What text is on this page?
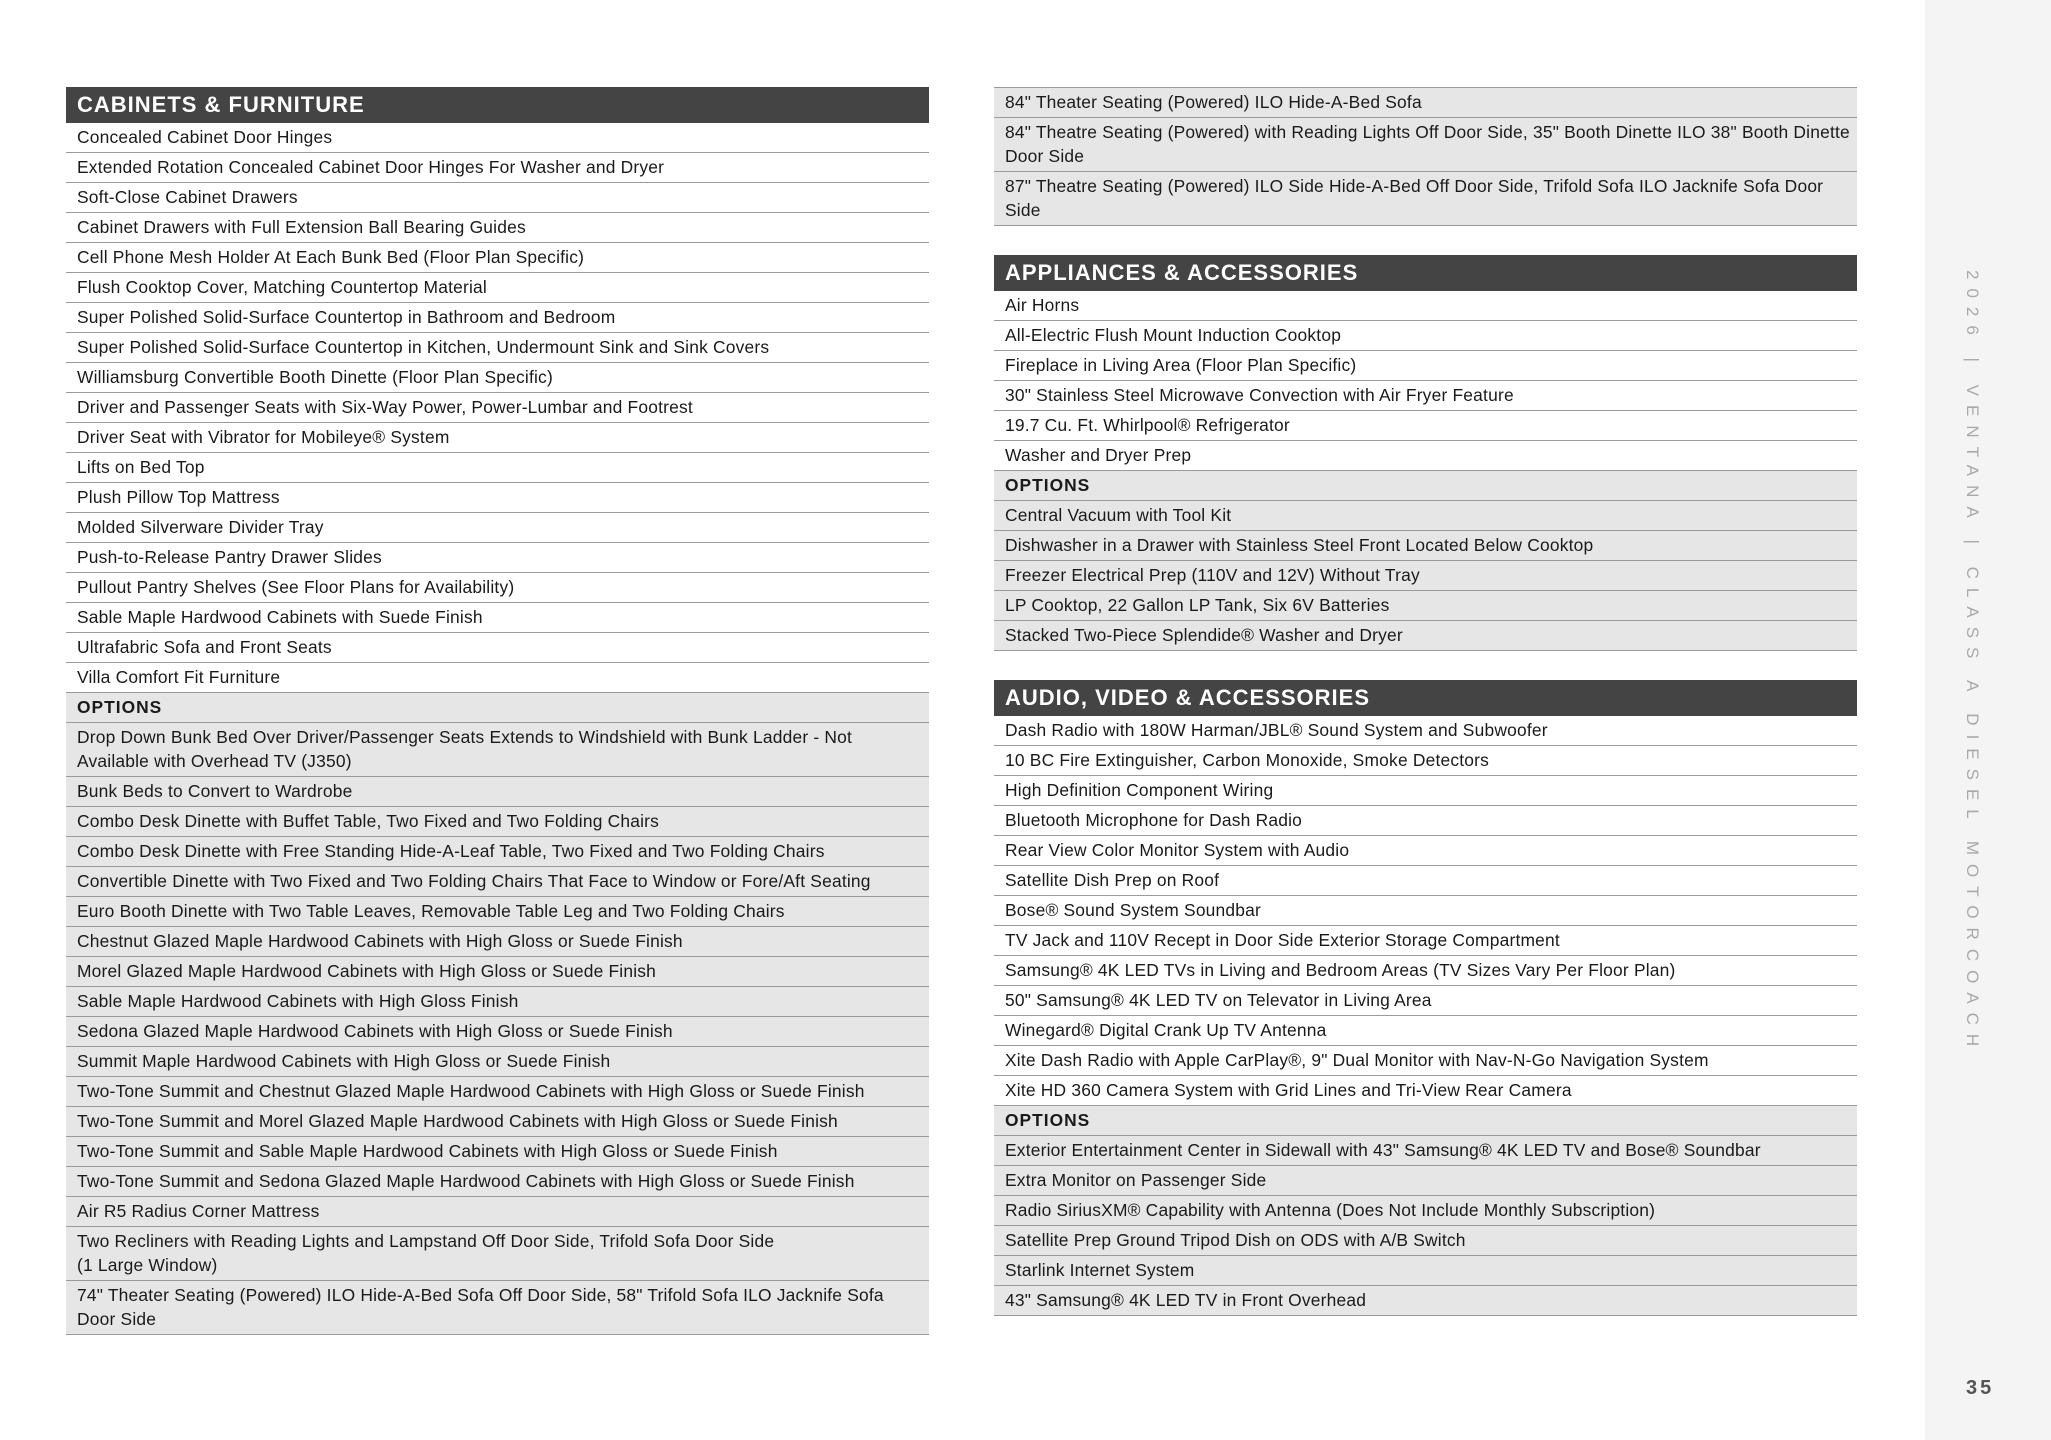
CABINETS & FURNITURE
Concealed Cabinet Door Hinges
Extended Rotation Concealed Cabinet Door Hinges For Washer and Dryer
Soft-Close Cabinet Drawers
Cabinet Drawers with Full Extension Ball Bearing Guides
Cell Phone Mesh Holder At Each Bunk Bed (Floor Plan Specific)
Flush Cooktop Cover, Matching Countertop Material
Super Polished Solid-Surface Countertop in Bathroom and Bedroom
Super Polished Solid-Surface Countertop in Kitchen, Undermount Sink and Sink Covers
Williamsburg Convertible Booth Dinette (Floor Plan Specific)
Driver and Passenger Seats with Six-Way Power, Power-Lumbar and Footrest
Driver Seat with Vibrator for Mobileye® System
Lifts on Bed Top
Plush Pillow Top Mattress
Molded Silverware Divider Tray
Push-to-Release Pantry Drawer Slides
Pullout Pantry Shelves (See Floor Plans for Availability)
Sable Maple Hardwood Cabinets with Suede Finish
Ultrafabric Sofa and Front Seats
Villa Comfort Fit Furniture
OPTIONS
Drop Down Bunk Bed Over Driver/Passenger Seats Extends to Windshield with Bunk Ladder - Not Available with Overhead TV (J350)
Bunk Beds to Convert to Wardrobe
Combo Desk Dinette with Buffet Table, Two Fixed and Two Folding Chairs
Combo Desk Dinette with Free Standing Hide-A-Leaf Table, Two Fixed and Two Folding Chairs
Convertible Dinette with Two Fixed and Two Folding Chairs That Face to Window or Fore/Aft Seating
Euro Booth Dinette with Two Table Leaves, Removable Table Leg and Two Folding Chairs
Chestnut Glazed Maple Hardwood Cabinets with High Gloss or Suede Finish
Morel Glazed Maple Hardwood Cabinets with High Gloss or Suede Finish
Sable Maple Hardwood Cabinets with High Gloss Finish
Sedona Glazed Maple Hardwood Cabinets with High Gloss or Suede Finish
Summit Maple Hardwood Cabinets with High Gloss or Suede Finish
Two-Tone Summit and Chestnut Glazed Maple Hardwood Cabinets with High Gloss or Suede Finish
Two-Tone Summit and Morel Glazed Maple Hardwood Cabinets with High Gloss or Suede Finish
Two-Tone Summit and Sable Maple Hardwood Cabinets with High Gloss or Suede Finish
Two-Tone Summit and Sedona Glazed Maple Hardwood Cabinets with High Gloss or Suede Finish
Air R5 Radius Corner Mattress
Two Recliners with Reading Lights and Lampstand Off Door Side, Trifold Sofa Door Side
(1 Large Window)
74" Theater Seating (Powered) ILO Hide-A-Bed Sofa Off Door Side, 58" Trifold Sofa ILO Jacknife Sofa Door Side
84" Theater Seating (Powered) ILO Hide-A-Bed Sofa
84" Theatre Seating (Powered) with Reading Lights Off Door Side, 35" Booth Dinette ILO 38" Booth Dinette Door Side
87" Theatre Seating (Powered) ILO Side Hide-A-Bed Off Door Side, Trifold Sofa ILO Jacknife Sofa Door Side
APPLIANCES & ACCESSORIES
Air Horns
All-Electric Flush Mount Induction Cooktop
Fireplace in Living Area (Floor Plan Specific)
30" Stainless Steel Microwave Convection with Air Fryer Feature
19.7 Cu. Ft. Whirlpool® Refrigerator
Washer and Dryer Prep
OPTIONS
Central Vacuum with Tool Kit
Dishwasher in a Drawer with Stainless Steel Front Located Below Cooktop
Freezer Electrical Prep (110V and 12V) Without Tray
LP Cooktop, 22 Gallon LP Tank, Six 6V Batteries
Stacked Two-Piece Splendide® Washer and Dryer
AUDIO, VIDEO & ACCESSORIES
Dash Radio with 180W Harman/JBL® Sound System and Subwoofer
10 BC Fire Extinguisher, Carbon Monoxide, Smoke Detectors
High Definition Component Wiring
Bluetooth Microphone for Dash Radio
Rear View Color Monitor System with Audio
Satellite Dish Prep on Roof
Bose® Sound System Soundbar
TV Jack and 110V Recept in Door Side Exterior Storage Compartment
Samsung® 4K LED TVs in Living and Bedroom Areas (TV Sizes Vary Per Floor Plan)
50" Samsung® 4K LED TV on Televator in Living Area
Winegard® Digital Crank Up TV Antenna
Xite Dash Radio with Apple CarPlay®, 9" Dual Monitor with Nav-N-Go Navigation System
Xite HD 360 Camera System with Grid Lines and Tri-View Rear Camera
OPTIONS
Exterior Entertainment Center in Sidewall with 43" Samsung® 4K LED TV and Bose® Soundbar
Extra Monitor on Passenger Side
Radio SiriusXM® Capability with Antenna (Does Not Include Monthly Subscription)
Satellite Prep Ground Tripod Dish on ODS with A/B Switch
Starlink Internet System
43" Samsung® 4K LED TV in Front Overhead
2026 | VENTANA | CLASS A DIESEL MOTORCOACH
35
